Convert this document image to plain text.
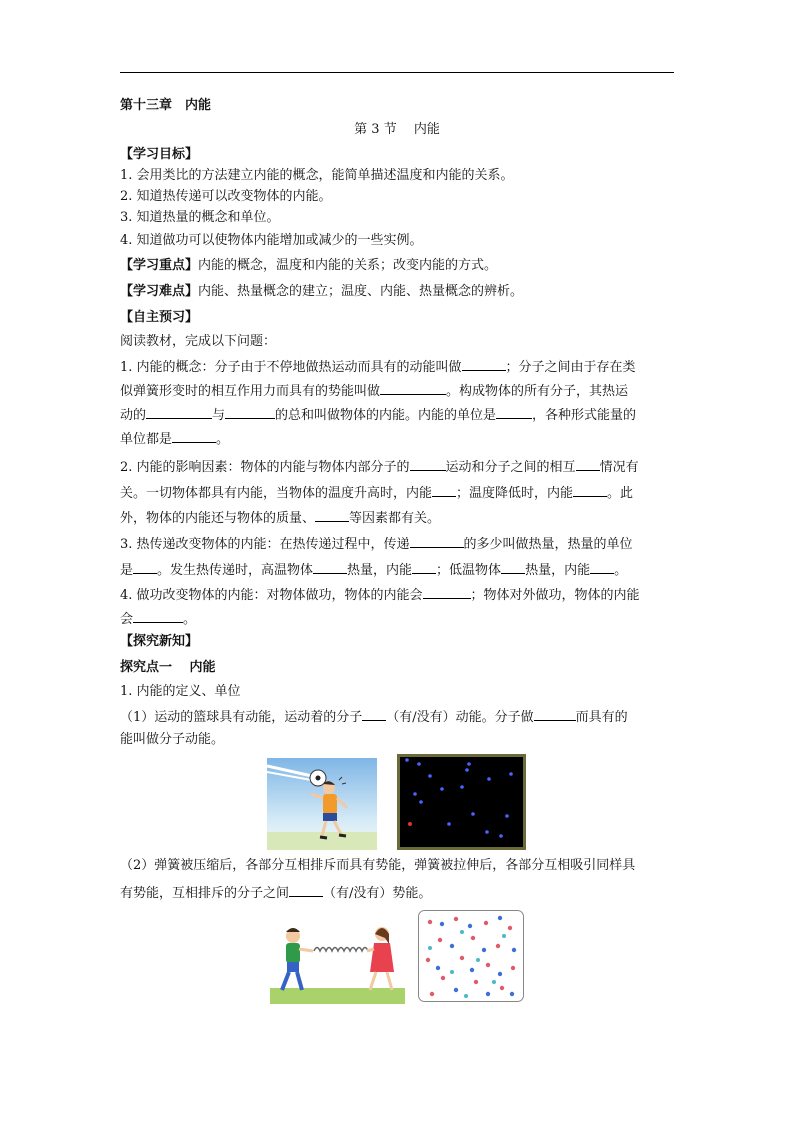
第十三章　内能
第 3 节　 内能
【学习目标】
1. 会用类比的方法建立内能的概念，能简单描述温度和内能的关系。
2. 知道热传递可以改变物体的内能。
3. 知道热量的概念和单位。
4. 知道做功可以使物体内能增加或减少的一些实例。
【学习重点】内能的概念，温度和内能的关系；改变内能的方式。
【学习难点】内能、热量概念的建立；温度、内能、热量概念的辨析。
【自主预习】
阅读教材，完成以下问题：
1. 内能的概念：分子由于不停地做热运动而具有的动能叫做	；分子之间由于存在类
似弹簧形变时的相互作用力而具有的势能叫做	。构成物体的所有分子，其热运
动的	与	的总和叫做物体的内能。内能的单位是	，各种形式能量的
单位都是	。
2. 内能的影响因素：物体的内能与物体内部分子的	运动和分子之间的相互 情况有
关。一切物体都具有内能，当物体的温度升高时，内能 ；温度降低时，内能	。此
外，物体的内能还与物体的质量、	等因素都有关。
3. 热传递改变物体的内能：在热传递过程中，传递	的多少叫做热量，热量的单位
是 。发生热传递时，高温物体	热量，内能 ；低温物体 热量，内能 。
4. 做功改变物体的内能：对物体做功，物体的内能会	；物体对外做功，物体的内能
会	。
【探究新知】
探究点一　 内能
1. 内能的定义、单位
（1）运动的篮球具有动能，运动着的分子 （有/没有）动能。分子做	而具有的
能叫做分子动能。
（2）弹簧被压缩后，各部分互相排斥而具有势能，弹簧被拉伸后，各部分互相吸引同样具
有势能，互相排斥的分子之间	（有/没有）势能。
